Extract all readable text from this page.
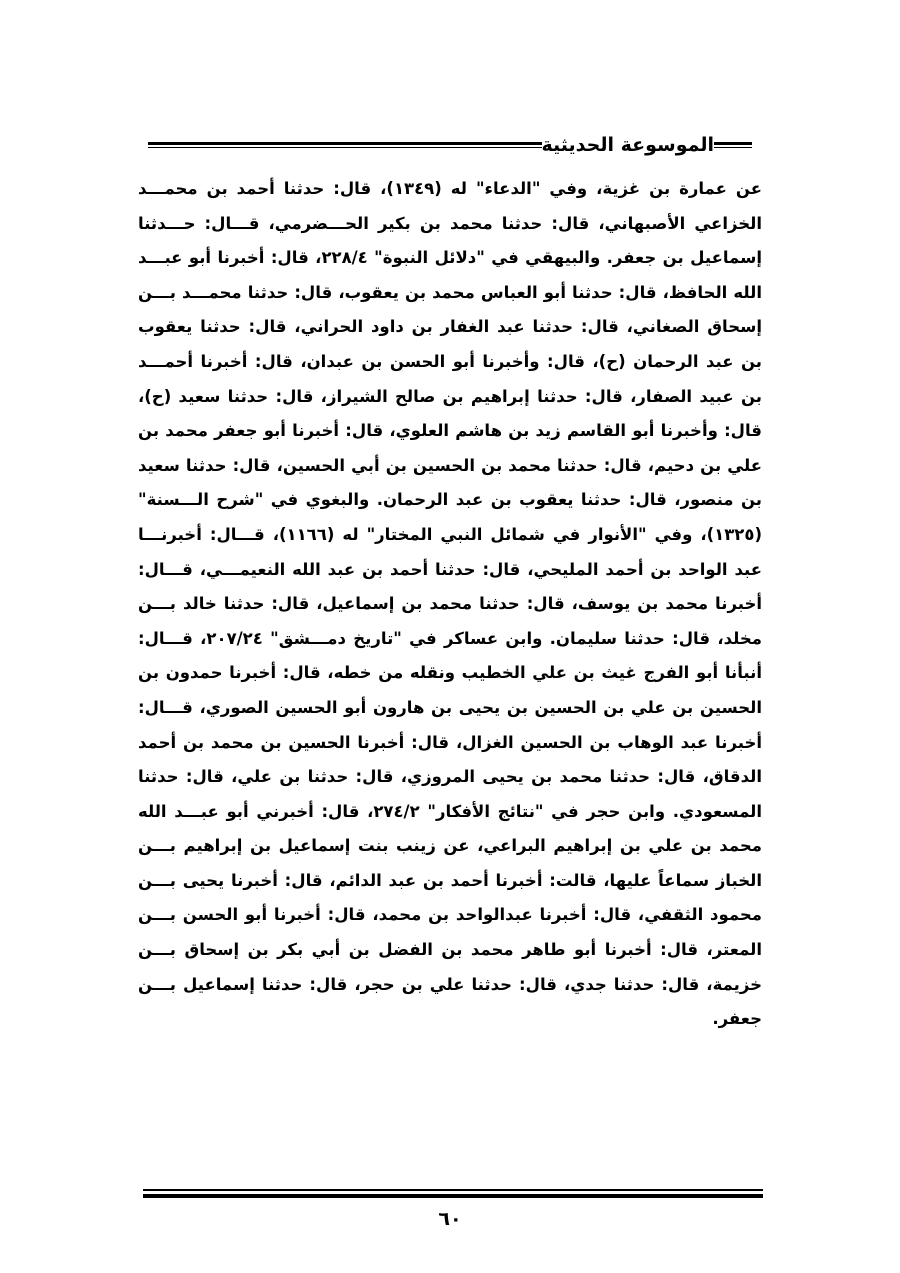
الموسوعة الحديثية
عن عمارة بن غزية، وفي "الدعاء" له (١٣٤٩)، قال: حدثنا أحمد بن محمـــد
الخزاعي الأصبهاني، قال: حدثنا محمد بن بكير الحـــضرمي، قـــال: حـــدثنا
إسماعيل بن جعفر. والبيهقي في "دلائل النبوة" ٢٢٨/٤، قال: أخبرنا أبو عبـــد
الله الحافظ، قال: حدثنا أبو العباس محمد بن يعقوب، قال: حدثنا محمـــد بـــن
إسحاق الصغاني، قال: حدثنا عبد الغفار بن داود الحراني، قال: حدثنا يعقوب
بن عبد الرحمان (ح)، قال: وأخبرنا أبو الحسن بن عبدان، قال: أخبرنا أحمـــد
بن عبيد الصفار، قال: حدثنا إبراهيم بن صالح الشيراز، قال: حدثنا سعيد (ح)،
قال: وأخبرنا أبو القاسم زيد بن هاشم العلوي، قال: أخبرنا أبو جعفر محمد بن
علي بن دحيم، قال: حدثنا محمد بن الحسين بن أبي الحسين، قال: حدثنا سعيد
بن منصور، قال: حدثنا يعقوب بن عبد الرحمان. والبغوي في "شرح الـــسنة"
(١٣٢٥)، وفي "الأنوار في شمائل النبي المختار" له (١١٦٦)، قـــال: أخبرنـــا
عبد الواحد بن أحمد المليحي، قال: حدثنا أحمد بن عبد الله النعيمـــي، قـــال:
أخبرنا محمد بن يوسف، قال: حدثنا محمد بن إسماعيل، قال: حدثنا خالد بـــن
مخلد، قال: حدثنا سليمان. وابن عساكر في "تاريخ دمـــشق" ٢٠٧/٢٤، قـــال:
أنبأنا أبو الفرج غيث بن علي الخطيب ونقله من خطه، قال: أخبرنا حمدون بن
الحسين بن علي بن الحسين بن يحيى بن هارون أبو الحسين الصوري، قـــال:
أخبرنا عبد الوهاب بن الحسين الغزال، قال: أخبرنا الحسين بن محمد بن أحمد
الدقاق، قال: حدثنا محمد بن يحيى المروزي، قال: حدثنا بن علي، قال: حدثنا
المسعودي. وابن حجر في "نتائج الأفكار" ٢٧٤/٢، قال: أخبرني أبو عبـــد الله
محمد بن علي بن إبراهيم البراعي، عن زينب بنت إسماعيل بن إبراهيم بـــن
الخباز سماعاً عليها، قالت: أخبرنا أحمد بن عبد الدائم، قال: أخبرنا يحيى بـــن
محمود الثقفي، قال: أخبرنا عبدالواحد بن محمد، قال: أخبرنا أبو الحسن بـــن
المعتر، قال: أخبرنا أبو طاهر محمد بن الفضل بن أبي بكر بن إسحاق بـــن
خزيمة، قال: حدثنا جدي، قال: حدثنا علي بن حجر، قال: حدثنا إسماعيل بـــن
جعفر.
٦٠
